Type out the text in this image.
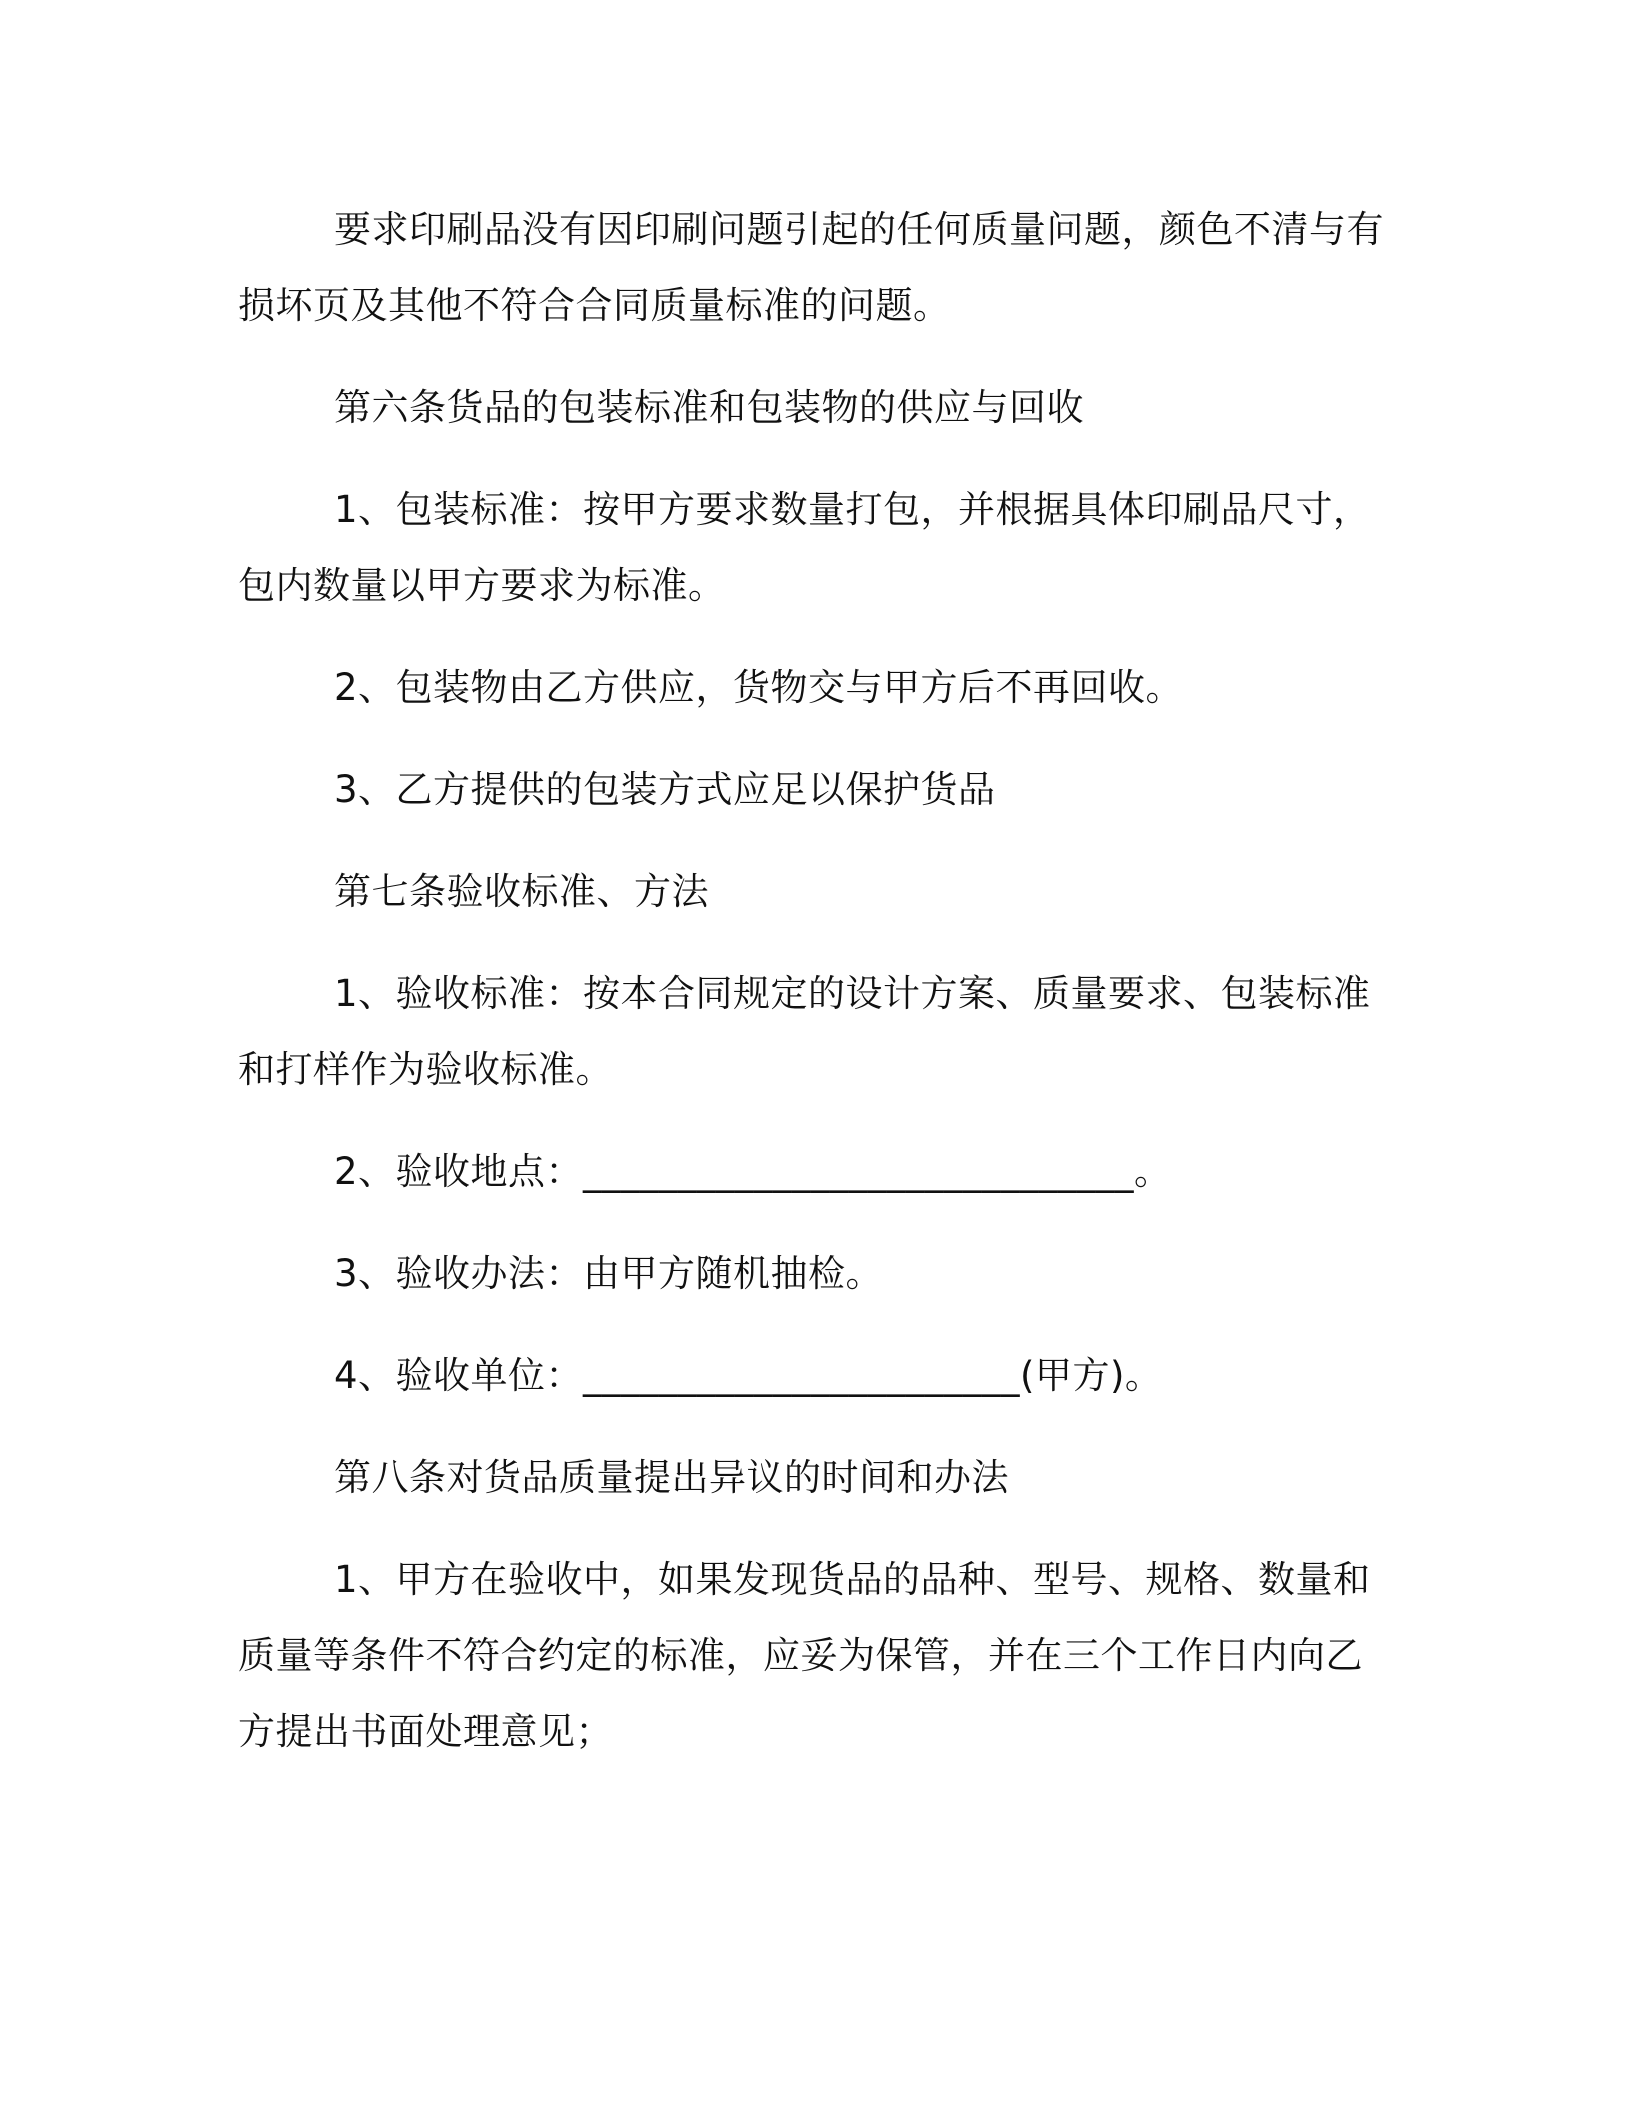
要求印刷品没有因印刷问题引起的任何质量问题，颜色不清与有损坏页及其他不符合合同质量标准的问题。

第六条货品的包装标准和包装物的供应与回收

1、包装标准：按甲方要求数量打包，并根据具体印刷品尺寸，包内数量以甲方要求为标准。

2、包装物由乙方供应，货物交与甲方后不再回收。

3、乙方提供的包装方式应足以保护货品

第七条验收标准、方法

1、验收标准：按本合同规定的设计方案、质量要求、包装标准和打样作为验收标准。

2、验收地点：_____________________________。

3、验收办法：由甲方随机抽检。

4、验收单位：_______________________(甲方)。

第八条对货品质量提出异议的时间和办法

1、甲方在验收中，如果发现货品的品种、型号、规格、数量和质量等条件不符合约定的标准，应妥为保管，并在三个工作日内向乙方提出书面处理意见；
